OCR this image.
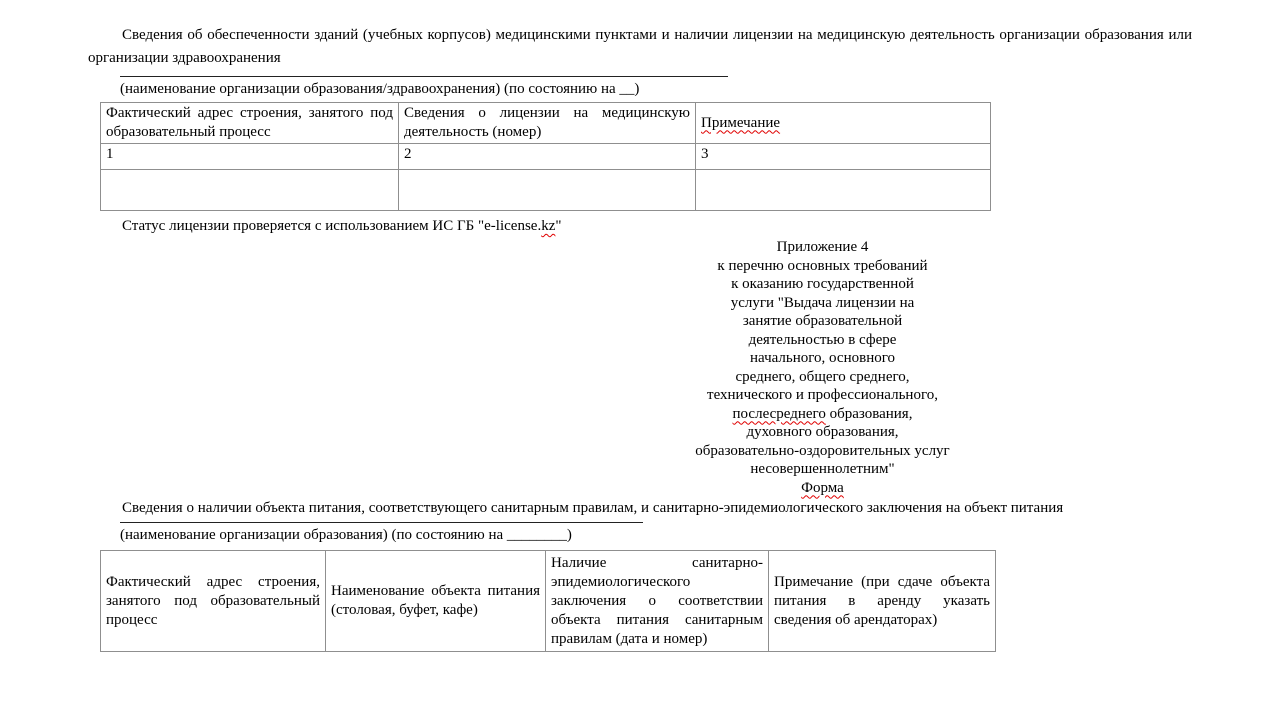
Сведения об обеспеченности зданий (учебных корпусов) медицинскими пунктами и наличии лицензии на медицинскую деятельность организации образования или организации здравоохранения

(наименование организации образования/здравоохранения) (по состоянию на __)
Фактический адрес строения, занятого под образовательный процесс	Сведения о лицензии на медицинскую деятельность (номер)	Примечание
1	2	3

Статус лицензии проверяется с использованием ИС ГБ "e-license.kz"

Приложение 4
к перечню основных требований
к оказанию государственной
услуги "Выдача лицензии на
занятие образовательной
деятельностью в сфере
начального, основного
среднего, общего среднего,
технического и профессионального,
послесреднего образования,
духовного образования,
образовательно-оздоровительных услуг
несовершеннолетним"
Форма

Сведения о наличии объекта питания, соответствующего санитарным правилам, и санитарно-эпидемиологического заключения на объект питания

(наименование организации образования) (по состоянию на ________)
Фактический адрес строения, занятого под образовательный процесс	Наименование объекта питания (столовая, буфет, кафе)	Наличие санитарно-эпидемиологического заключения о соответствии объекта питания санитарным правилам (дата и номер)	Примечание (при сдаче объекта питания в аренду указать сведения об арендаторах)
